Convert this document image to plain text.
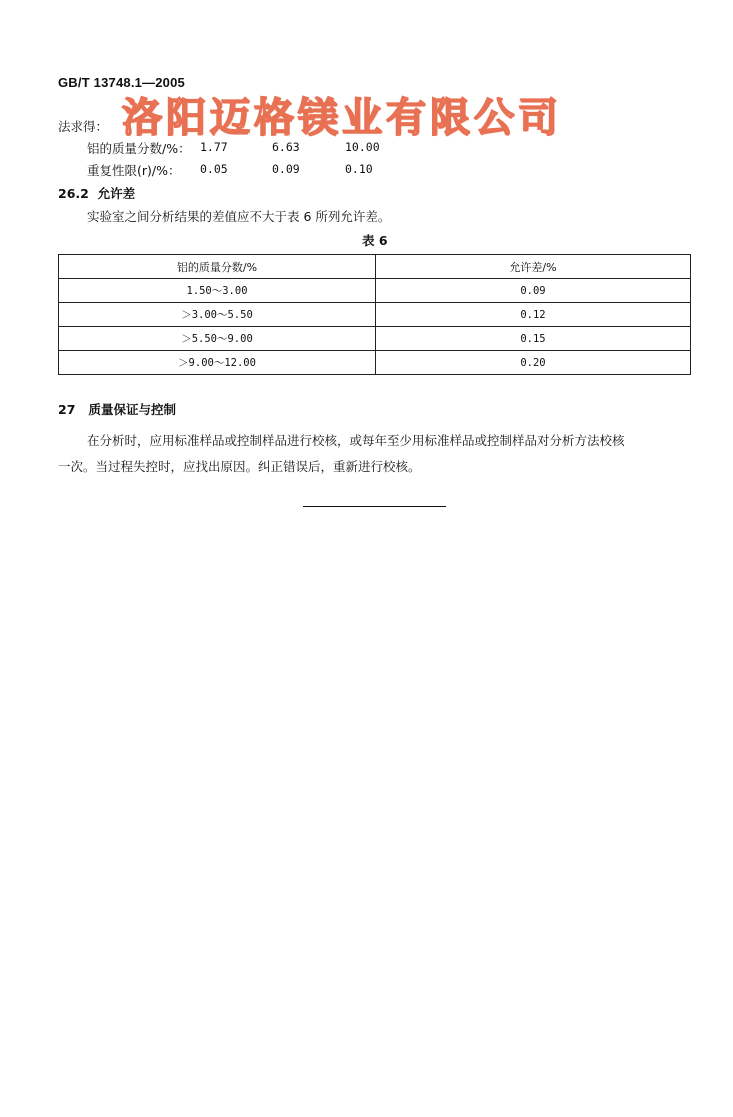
GB/T 13748.1—2005
法求得： 洛阳迈格镁业有限公司
铝的质量分数/%： 1.77	6.63	10.00
重复性限(r)/%： 0.05	0.09	0.10
26.2 允许差
实验室之间分析结果的差值应不大于表 6 所列允许差。
表 6
铝的质量分数/%	允许差/%
1.50～3.00	0.09
＞3.00～5.50	0.12
＞5.50～9.00	0.15
＞9.00～12.00	0.20
27 质量保证与控制
在分析时，应用标准样品或控制样品进行校核，或每年至少用标准样品或控制样品对分析方法校核
一次。当过程失控时，应找出原因。纠正错误后，重新进行校核。
